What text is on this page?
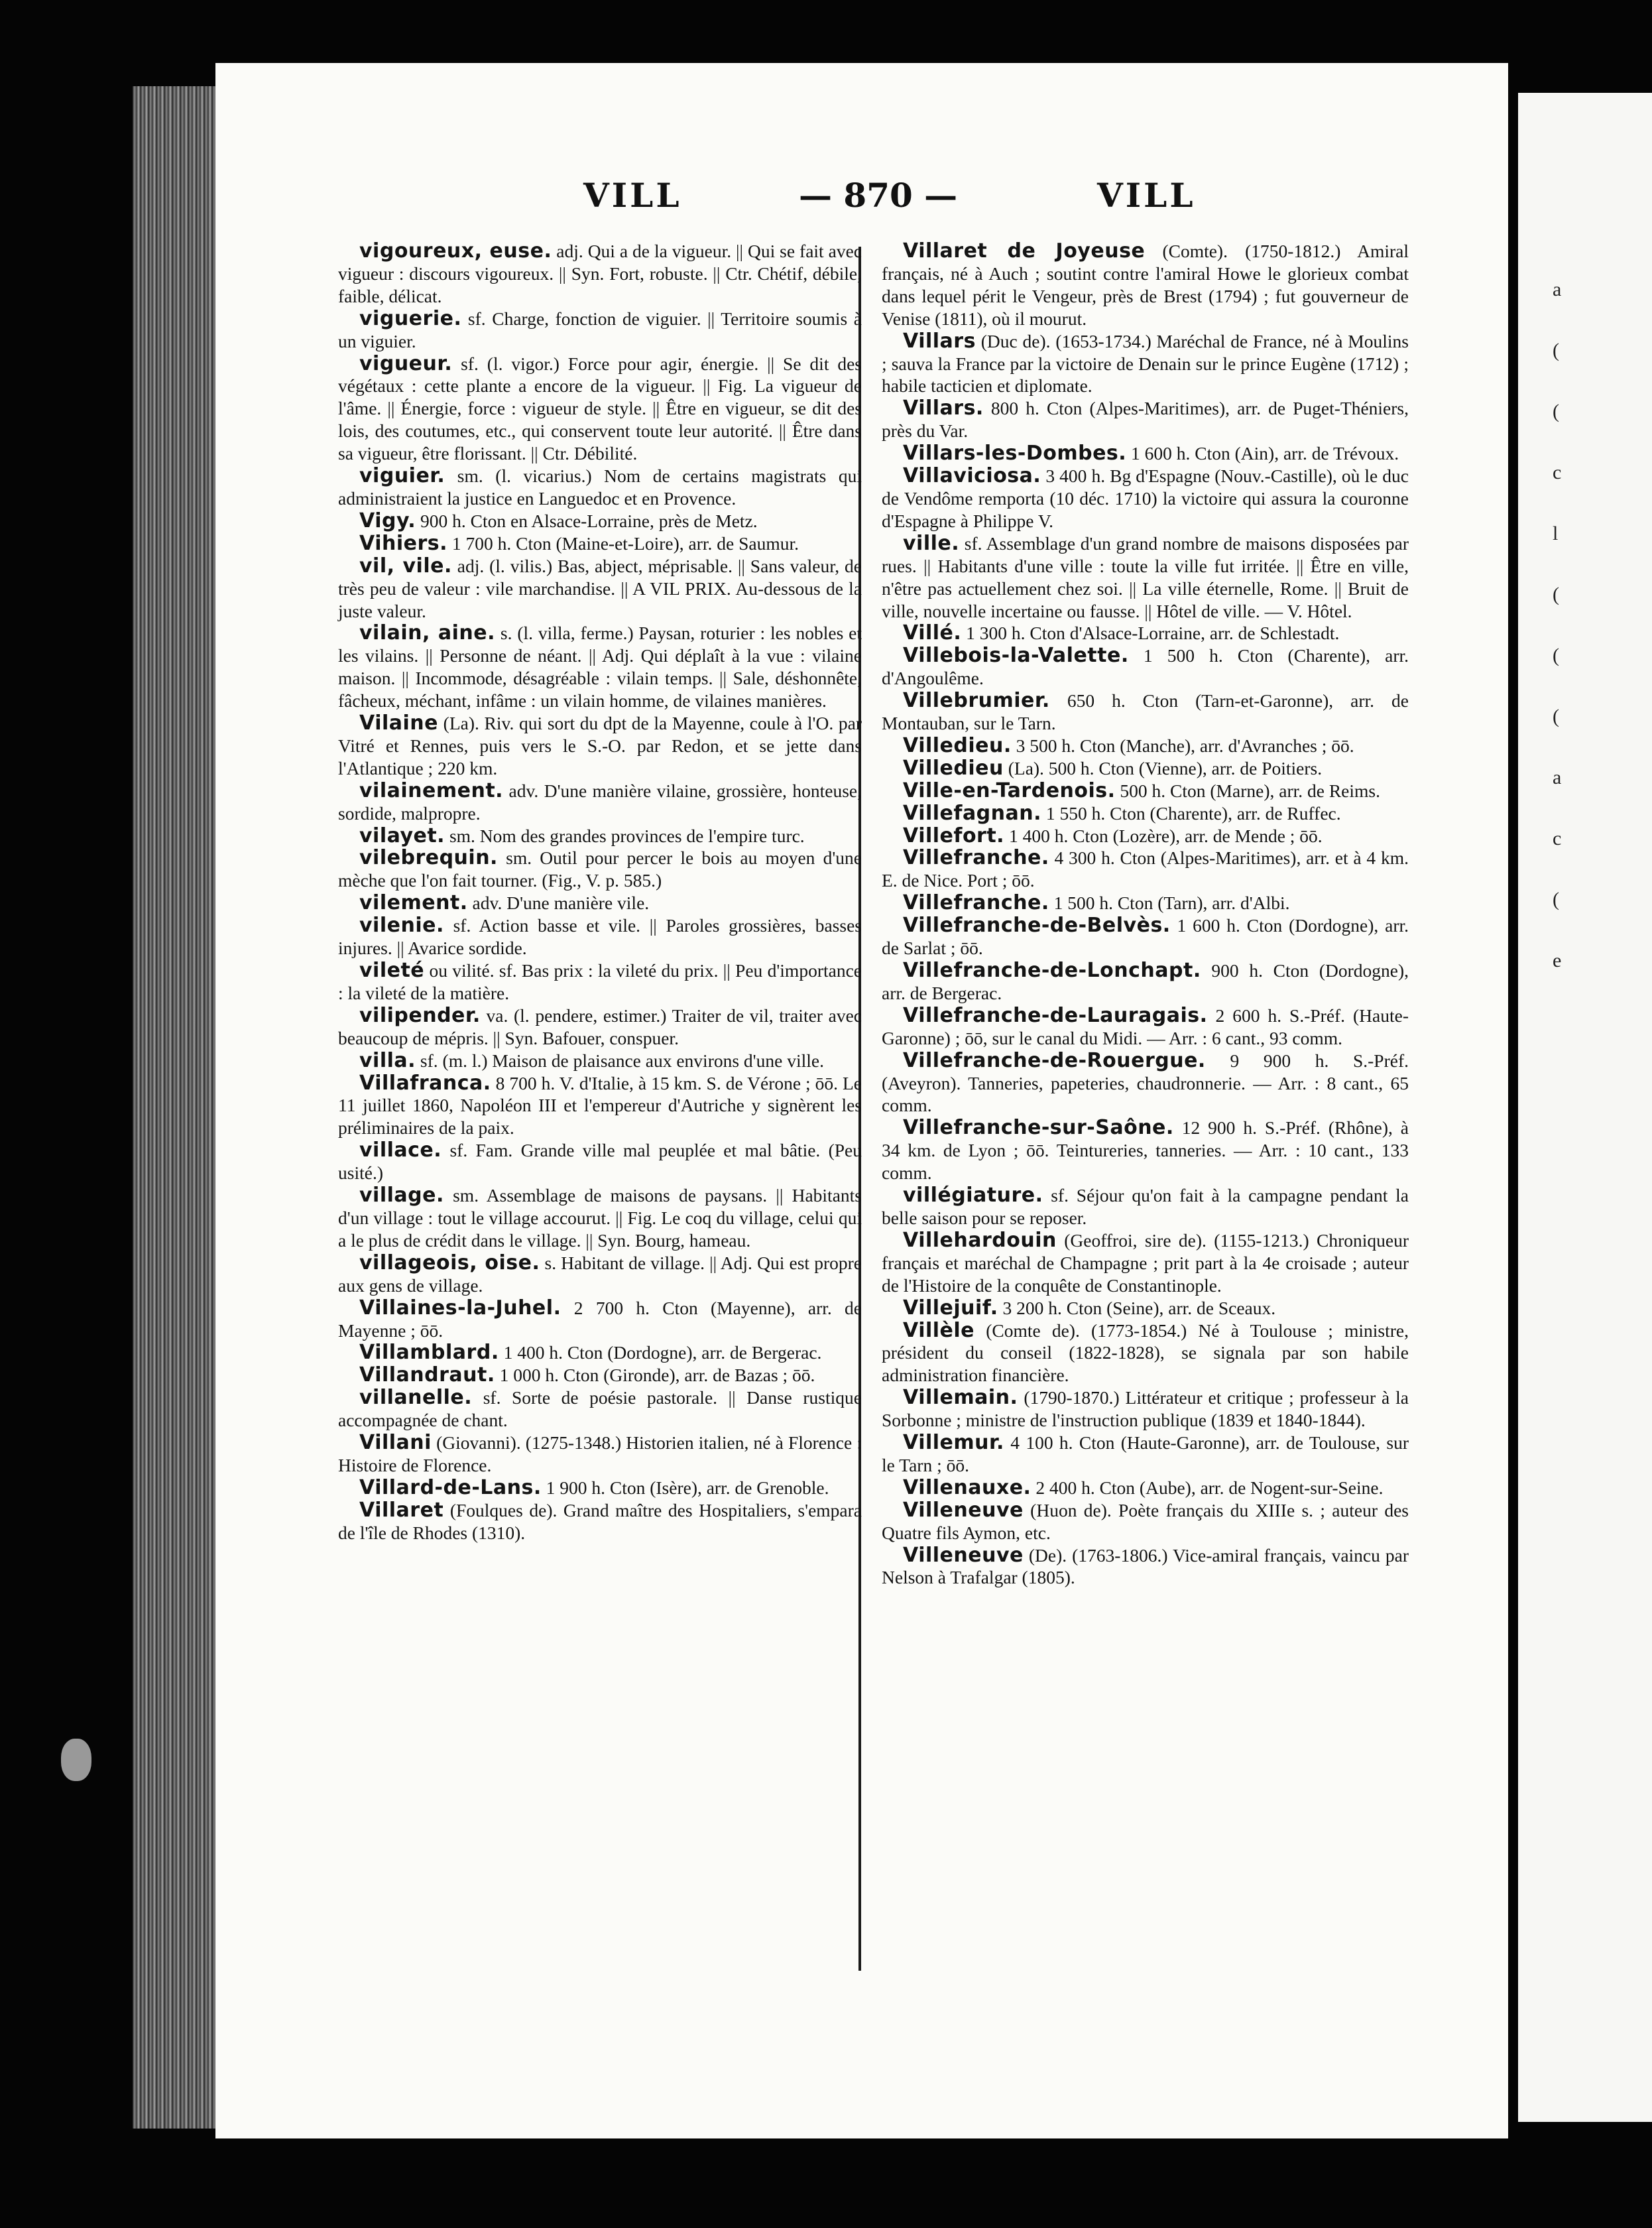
VILL	— 870 —	VILL

vigoureux, euse. adj. Qui a de la vigueur. || Qui se fait avec vigueur : discours vigoureux. || Syn. Fort, robuste. || Ctr. Chétif, débile, faible, délicat.

viguerie. sf. Charge, fonction de viguier. || Territoire soumis à un viguier.

vigueur. sf. (l. vigor.) Force pour agir, énergie. || Se dit des végétaux : cette plante a encore de la vigueur. || Fig. La vigueur de l'âme. || Énergie, force : vigueur de style. || Être en vigueur, se dit des lois, des coutumes, etc., qui conservent toute leur autorité. || Être dans sa vigueur, être florissant. || Ctr. Débilité.

viguier. sm. (l. vicarius.) Nom de certains magistrats qui administraient la justice en Languedoc et en Provence.

Vigy. 900 h. Cton en Alsace-Lorraine, près de Metz.

Vihiers. 1 700 h. Cton (Maine-et-Loire), arr. de Saumur.

vil, vile. adj. (l. vilis.) Bas, abject, méprisable. || Sans valeur, de très peu de valeur : vile marchandise. || A VIL PRIX. Au-dessous de la juste valeur.

vilain, aine. s. (l. villa, ferme.) Paysan, roturier : les nobles et les vilains. || Personne de néant. || Adj. Qui déplaît à la vue : vilaine maison. || Incommode, désagréable : vilain temps. || Sale, déshonnête, fâcheux, méchant, infâme : un vilain homme, de vilaines manières.

Vilaine (La). Riv. qui sort du dpt de la Mayenne, coule à l'O. par Vitré et Rennes, puis vers le S.-O. par Redon, et se jette dans l'Atlantique ; 220 km.

vilainement. adv. D'une manière vilaine, grossière, honteuse, sordide, malpropre.

vilayet. sm. Nom des grandes provinces de l'empire turc.

vilebrequin. sm. Outil pour percer le bois au moyen d'une mèche que l'on fait tourner. (Fig., V. p. 585.)

vilement. adv. D'une manière vile.

vilenie. sf. Action basse et vile. || Paroles grossières, basses injures. || Avarice sordide.

vileté ou vilité. sf. Bas prix : la vileté du prix. || Peu d'importance : la vileté de la matière.

vilipender. va. (l. pendere, estimer.) Traiter de vil, traiter avec beaucoup de mépris. || Syn. Bafouer, conspuer.

villa. sf. (m. l.) Maison de plaisance aux environs d'une ville.

Villafranca. 8 700 h. V. d'Italie, à 15 km. S. de Vérone ; ōō. Le 11 juillet 1860, Napoléon III et l'empereur d'Autriche y signèrent les préliminaires de la paix.

villace. sf. Fam. Grande ville mal peuplée et mal bâtie. (Peu usité.)

village. sm. Assemblage de maisons de paysans. || Habitants d'un village : tout le village accourut. || Fig. Le coq du village, celui qui a le plus de crédit dans le village. || Syn. Bourg, hameau.

villageois, oise. s. Habitant de village. || Adj. Qui est propre aux gens de village.

Villaines-la-Juhel. 2 700 h. Cton (Mayenne), arr. de Mayenne ; ōō.

Villamblard. 1 400 h. Cton (Dordogne), arr. de Bergerac.

Villandraut. 1 000 h. Cton (Gironde), arr. de Bazas ; ōō.

villanelle. sf. Sorte de poésie pastorale. || Danse rustique accompagnée de chant.

Villani (Giovanni). (1275-1348.) Historien italien, né à Florence : Histoire de Florence.

Villard-de-Lans. 1 900 h. Cton (Isère), arr. de Grenoble.

Villaret (Foulques de). Grand maître des Hospitaliers, s'empara de l'île de Rhodes (1310).

Villaret de Joyeuse (Comte). (1750-1812.) Amiral français, né à Auch ; soutint contre l'amiral Howe le glorieux combat dans lequel périt le Vengeur, près de Brest (1794) ; fut gouverneur de Venise (1811), où il mourut.

Villars (Duc de). (1653-1734.) Maréchal de France, né à Moulins ; sauva la France par la victoire de Denain sur le prince Eugène (1712) ; habile tacticien et diplomate.

Villars. 800 h. Cton (Alpes-Maritimes), arr. de Puget-Théniers, près du Var.

Villars-les-Dombes. 1 600 h. Cton (Ain), arr. de Trévoux.

Villaviciosa. 3 400 h. Bg d'Espagne (Nouv.-Castille), où le duc de Vendôme remporta (10 déc. 1710) la victoire qui assura la couronne d'Espagne à Philippe V.

ville. sf. Assemblage d'un grand nombre de maisons disposées par rues. || Habitants d'une ville : toute la ville fut irritée. || Être en ville, n'être pas actuellement chez soi. || La ville éternelle, Rome. || Bruit de ville, nouvelle incertaine ou fausse. || Hôtel de ville. — V. Hôtel.

Villé. 1 300 h. Cton d'Alsace-Lorraine, arr. de Schlestadt.

Villebois-la-Valette. 1 500 h. Cton (Charente), arr. d'Angoulême.

Villebrumier. 650 h. Cton (Tarn-et-Garonne), arr. de Montauban, sur le Tarn.

Villedieu. 3 500 h. Cton (Manche), arr. d'Avranches ; ōō.

Villedieu (La). 500 h. Cton (Vienne), arr. de Poitiers.

Ville-en-Tardenois. 500 h. Cton (Marne), arr. de Reims.

Villefagnan. 1 550 h. Cton (Charente), arr. de Ruffec.

Villefort. 1 400 h. Cton (Lozère), arr. de Mende ; ōō.

Villefranche. 4 300 h. Cton (Alpes-Maritimes), arr. et à 4 km. E. de Nice. Port ; ōō.

Villefranche. 1 500 h. Cton (Tarn), arr. d'Albi.

Villefranche-de-Belvès. 1 600 h. Cton (Dordogne), arr. de Sarlat ; ōō.

Villefranche-de-Lonchapt. 900 h. Cton (Dordogne), arr. de Bergerac.

Villefranche-de-Lauragais. 2 600 h. S.-Préf. (Haute-Garonne) ; ōō, sur le canal du Midi. — Arr. : 6 cant., 93 comm.

Villefranche-de-Rouergue. 9 900 h. S.-Préf. (Aveyron). Tanneries, papeteries, chaudronnerie. — Arr. : 8 cant., 65 comm.

Villefranche-sur-Saône. 12 900 h. S.-Préf. (Rhône), à 34 km. de Lyon ; ōō. Teintureries, tanneries. — Arr. : 10 cant., 133 comm.

villégiature. sf. Séjour qu'on fait à la campagne pendant la belle saison pour se reposer.

Villehardouin (Geoffroi, sire de). (1155-1213.) Chroniqueur français et maréchal de Champagne ; prit part à la 4e croisade ; auteur de l'Histoire de la conquête de Constantinople.

Villejuif. 3 200 h. Cton (Seine), arr. de Sceaux.

Villèle (Comte de). (1773-1854.) Né à Toulouse ; ministre, président du conseil (1822-1828), se signala par son habile administration financière.

Villemain. (1790-1870.) Littérateur et critique ; professeur à la Sorbonne ; ministre de l'instruction publique (1839 et 1840-1844).

Villemur. 4 100 h. Cton (Haute-Garonne), arr. de Toulouse, sur le Tarn ; ōō.

Villenauxe. 2 400 h. Cton (Aube), arr. de Nogent-sur-Seine.

Villeneuve (Huon de). Poète français du XIIIe s. ; auteur des Quatre fils Aymon, etc.

Villeneuve (De). (1763-1806.) Vice-amiral français, vaincu par Nelson à Trafalgar (1805).

a
(
(
c
l
(
(
(
a
c
(
e
